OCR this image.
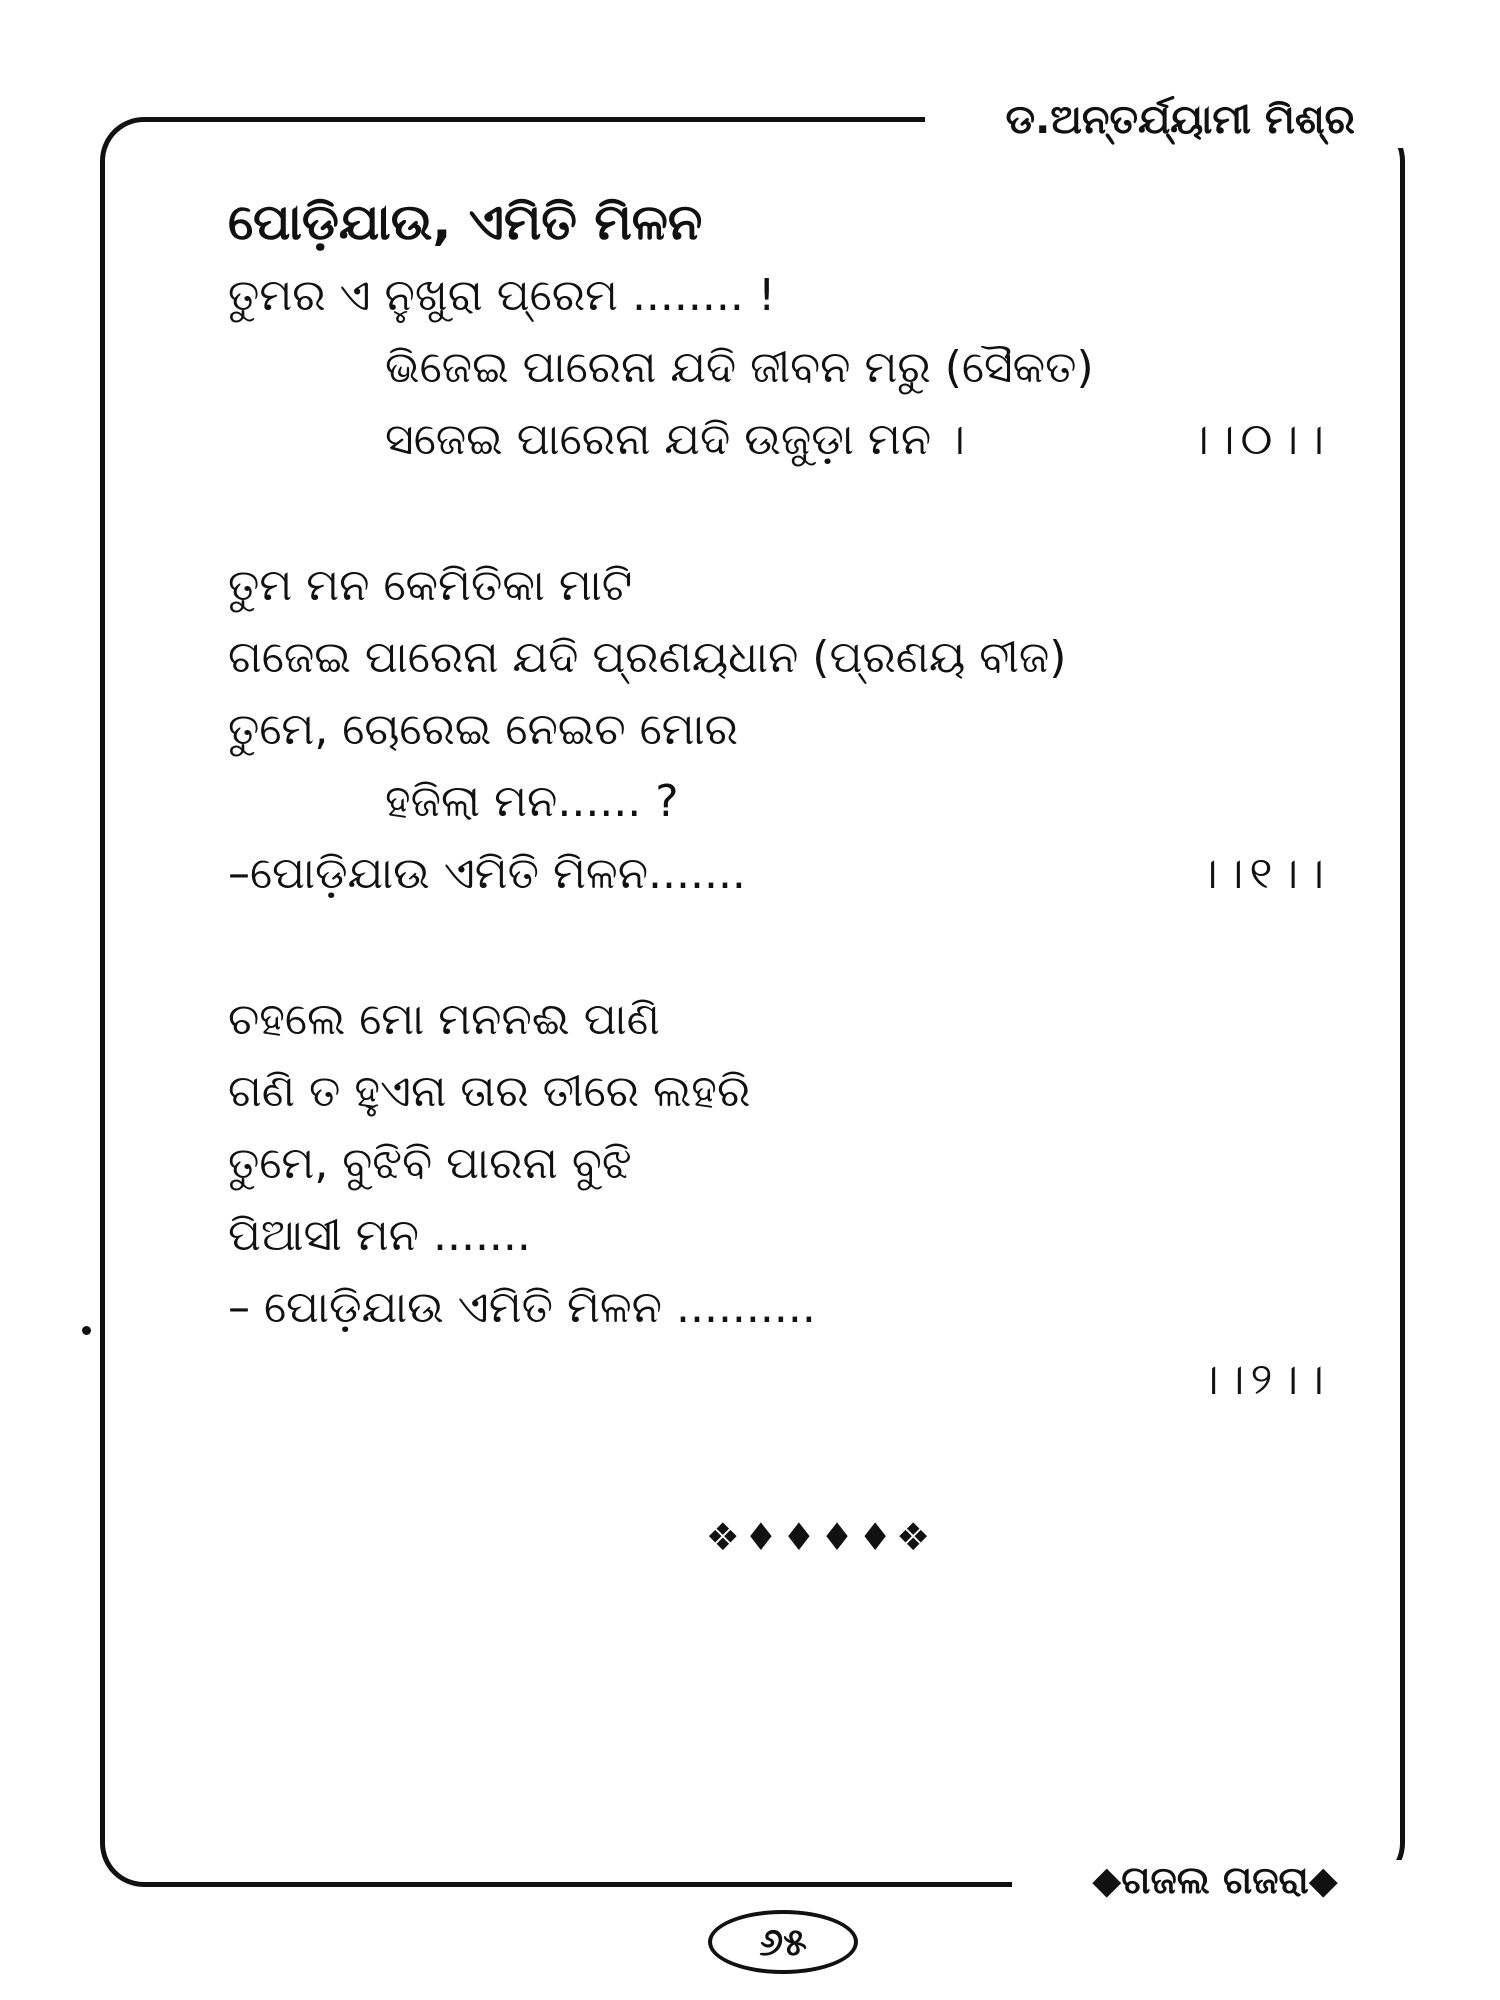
ଡ.ଅନ୍ତର୍ଯ୍ୟାମୀ ମିଶ୍ର
ପୋଡ଼ିଯାଉ, ଏମିତି ମିଳନ
ତୁମର ଏ ନୁଖୁରା ପ୍ରେମ ........ !
ଭିଜେଇ ପାରେନା ଯଦି ଜୀବନ ମରୁ (ସୈକତ)
ସଜେଇ ପାରେନା ଯଦି ଉଜୁଡ଼ା ମନ ।	।।୦।।
ତୁମ ମନ କେମିତିକା ମାଟି
ଗଜେଇ ପାରେନା ଯଦି ପ୍ରଣୟଧାନ (ପ୍ରଣୟ ବୀଜ)
ତୁମେ, ଚୋରେଇ ନେଇଚ ମୋର
ହଜିଲା ମନ...... ?
–ପୋଡ଼ିଯାଉ ଏମିତି ମିଳନ.......	।।୧।।
ଚହଲେ ମୋ ମନନଈ ପାଣି
ଗଣି ତ ହୁଏନା ତାର ତୀରେ ଲହରି
ତୁମେ, ବୁଝିବି ପାରନା ବୁଝି
ପିଆସୀ ମନ .......
– ପୋଡ଼ିଯାଉ ଏମିତି ମିଳନ ..........
।।୨।।
❖♦♦♦♦❖
◆ଗଜଲ ଗଜରା◆
୬୫
